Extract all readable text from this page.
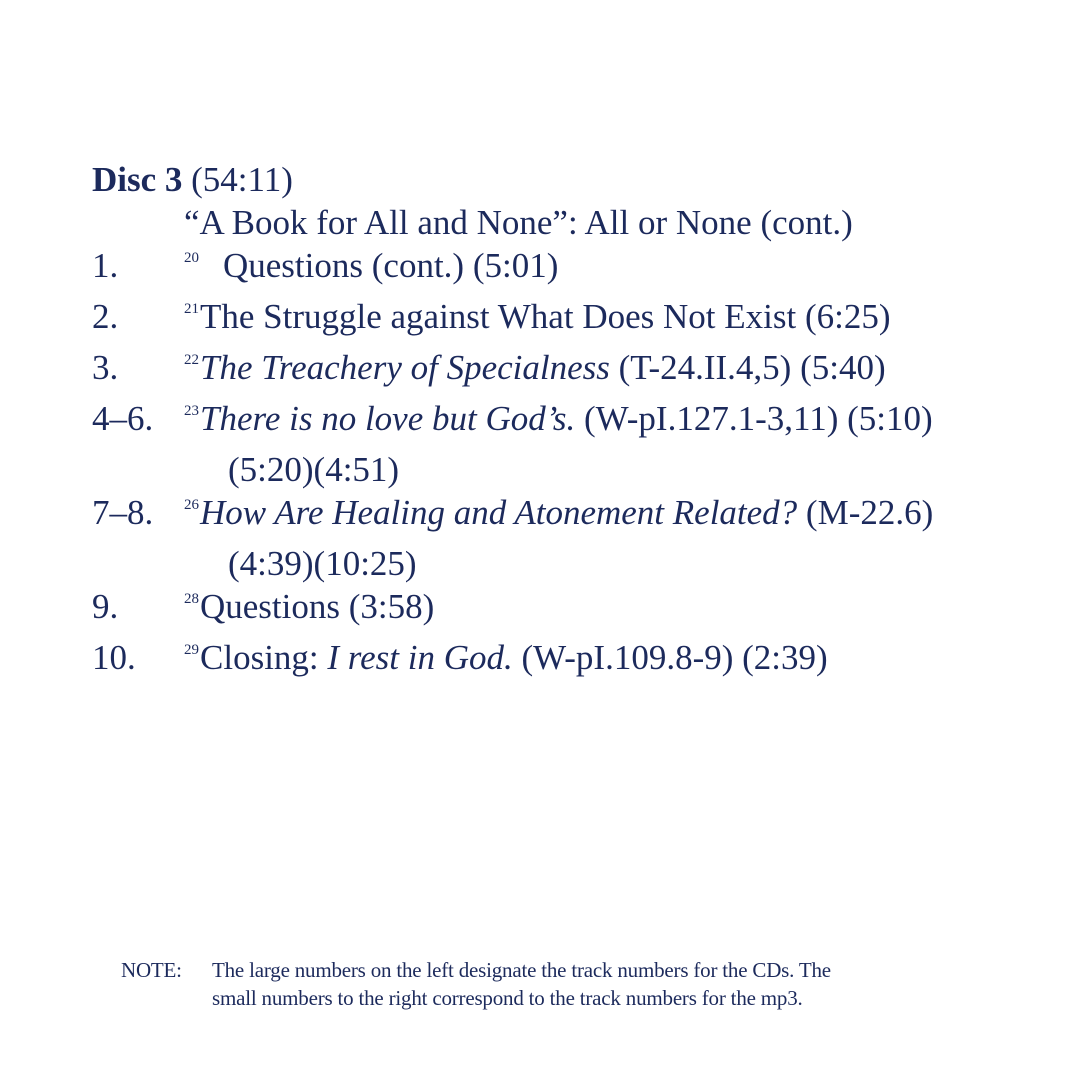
Disc 3 (54:11)
“A Book for All and None”: All or None (cont.)
1.	$^{20}$ Questions (cont.) (5:01)
2.	$^{21}$The Struggle against What Does Not Exist (6:25)
3.	$^{22}$The Treachery of Specialness (T-24.II.4,5) (5:40)
4–6.	$^{23}$There is no love but God’s. (W-pI.127.1-3,11) (5:10)
(5:20)(4:51)
7–8.	$^{26}$How Are Healing and Atonement Related? (M-22.6)
(4:39)(10:25)
9.	$^{28}$Questions (3:58)
10.	$^{29}$Closing: I rest in God. (W-pI.109.8-9) (2:39)
NOTE: The large numbers on the left designate the track numbers for the CDs. The
small numbers to the right correspond to the track numbers for the mp3.
